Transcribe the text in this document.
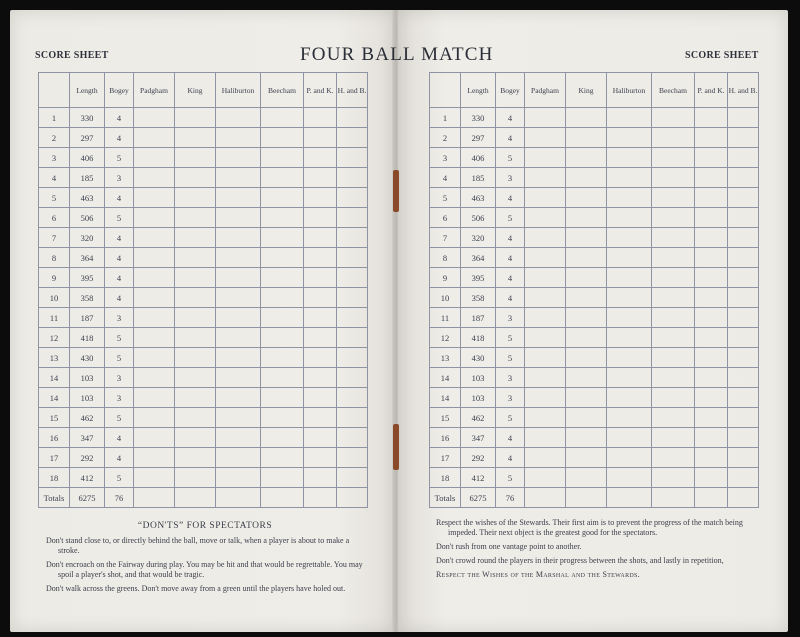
SCORE SHEET	FOUR BALL MATCH	SCORE SHEET
	Length	Bogey	Padgham	King	Haliburton	Beecham	P. and K.	H. and B.
1	330	4						
2	297	4						
3	406	5						
4	185	3						
5	463	4						
6	506	5						
7	320	4						
8	364	4						
9	395	4						
10	358	4						
11	187	3						
12	418	5						
13	430	5						
14	103	3						
14	103	3						
15	462	5						
16	347	4						
17	292	4						
18	412	5						
Totals	6275	76						
	Length	Bogey	Padgham	King	Haliburton	Beecham	P. and K.	H. and B.
1	330	4						
2	297	4						
3	406	5						
4	185	3						
5	463	4						
6	506	5						
7	320	4						
8	364	4						
9	395	4						
10	358	4						
11	187	3						
12	418	5						
13	430	5						
14	103	3						
14	103	3						
15	462	5						
16	347	4						
17	292	4						
18	412	5						
Totals	6275	76						
“DON'TS” FOR SPECTATORS

Don't stand close to, or directly behind the ball, move or talk, when a player is about to make a stroke.

Don't encroach on the Fairway during play. You may be hit and that would be regrettable. You may spoil a player's shot, and that would be tragic.

Don't walk across the greens. Don't move away from a green until the players have holed out.

Respect the wishes of the Stewards. Their first aim is to prevent the progress of the match being impeded. Their next object is the greatest good for the spectators.

Don't rush from one vantage point to another.

Don't crowd round the players in their progress between the shots, and lastly in repetition,

Respect the Wishes of the Marshal and the Stewards.
